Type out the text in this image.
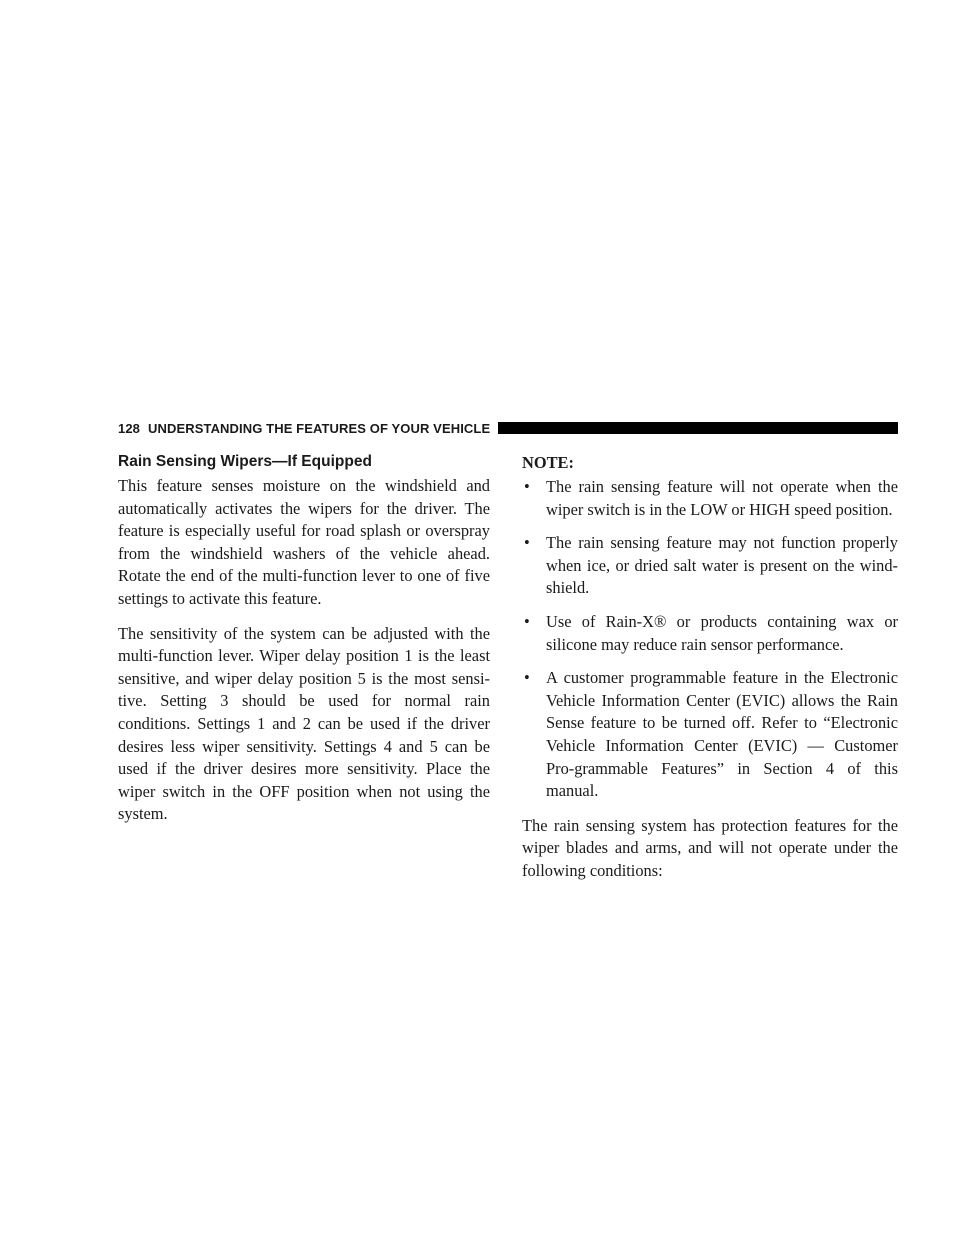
128 UNDERSTANDING THE FEATURES OF YOUR VEHICLE
Rain Sensing Wipers—If Equipped

This feature senses moisture on the windshield and automatically activates the wipers for the driver. The feature is especially useful for road splash or overspray from the windshield washers of the vehicle ahead. Rotate the end of the multi-function lever to one of five settings to activate this feature.

The sensitivity of the system can be adjusted with the multi-function lever. Wiper delay position 1 is the least sensitive, and wiper delay position 5 is the most sensi-tive. Setting 3 should be used for normal rain conditions. Settings 1 and 2 can be used if the driver desires less wiper sensitivity. Settings 4 and 5 can be used if the driver desires more sensitivity. Place the wiper switch in the OFF position when not using the system.

NOTE:
• The rain sensing feature will not operate when the wiper switch is in the LOW or HIGH speed position.
• The rain sensing feature may not function properly when ice, or dried salt water is present on the wind-shield.
• Use of Rain-X® or products containing wax or silicone may reduce rain sensor performance.
• A customer programmable feature in the Electronic Vehicle Information Center (EVIC) allows the Rain Sense feature to be turned off. Refer to “Electronic Vehicle Information Center (EVIC) — Customer Pro-grammable Features” in Section 4 of this manual.

The rain sensing system has protection features for the wiper blades and arms, and will not operate under the following conditions:
